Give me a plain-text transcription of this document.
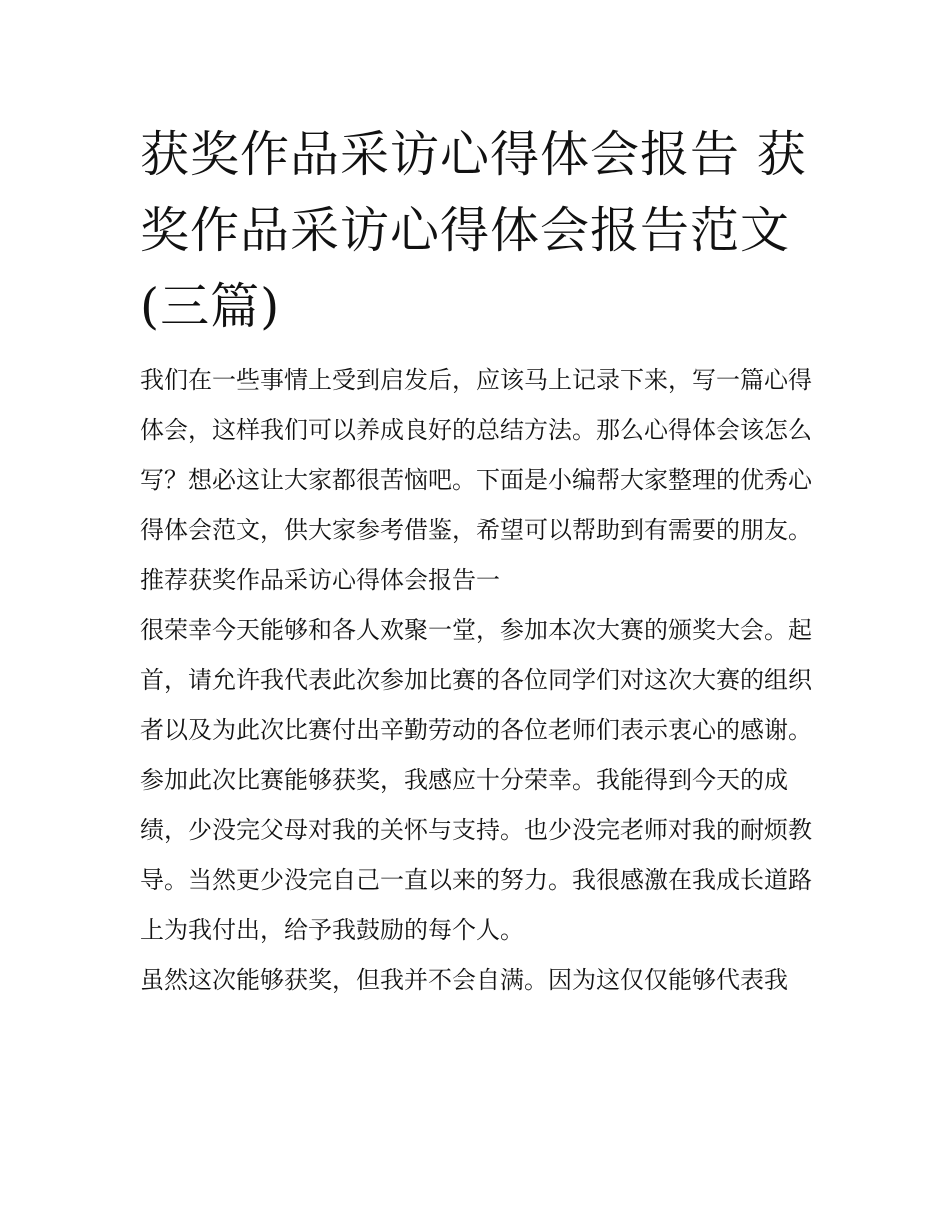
获奖作品采访心得体会报告 获奖作品采访心得体会报告范文(三篇)

我们在一些事情上受到启发后，应该马上记录下来，写一篇心得体会，这样我们可以养成良好的总结方法。那么心得体会该怎么写？想必这让大家都很苦恼吧。下面是小编帮大家整理的优秀心得体会范文，供大家参考借鉴，希望可以帮助到有需要的朋友。

推荐获奖作品采访心得体会报告一

很荣幸今天能够和各人欢聚一堂，参加本次大赛的颁奖大会。起首，请允许我代表此次参加比赛的各位同学们对这次大赛的组织者以及为此次比赛付出辛勤劳动的各位老师们表示衷心的感谢。

参加此次比赛能够获奖，我感应十分荣幸。我能得到今天的成绩，少没完父母对我的关怀与支持。也少没完老师对我的耐烦教导。当然更少没完自己一直以来的努力。我很感激在我成长道路上为我付出，给予我鼓励的每个人。

虽然这次能够获奖，但我并不会自满。因为这仅仅能够代表我
